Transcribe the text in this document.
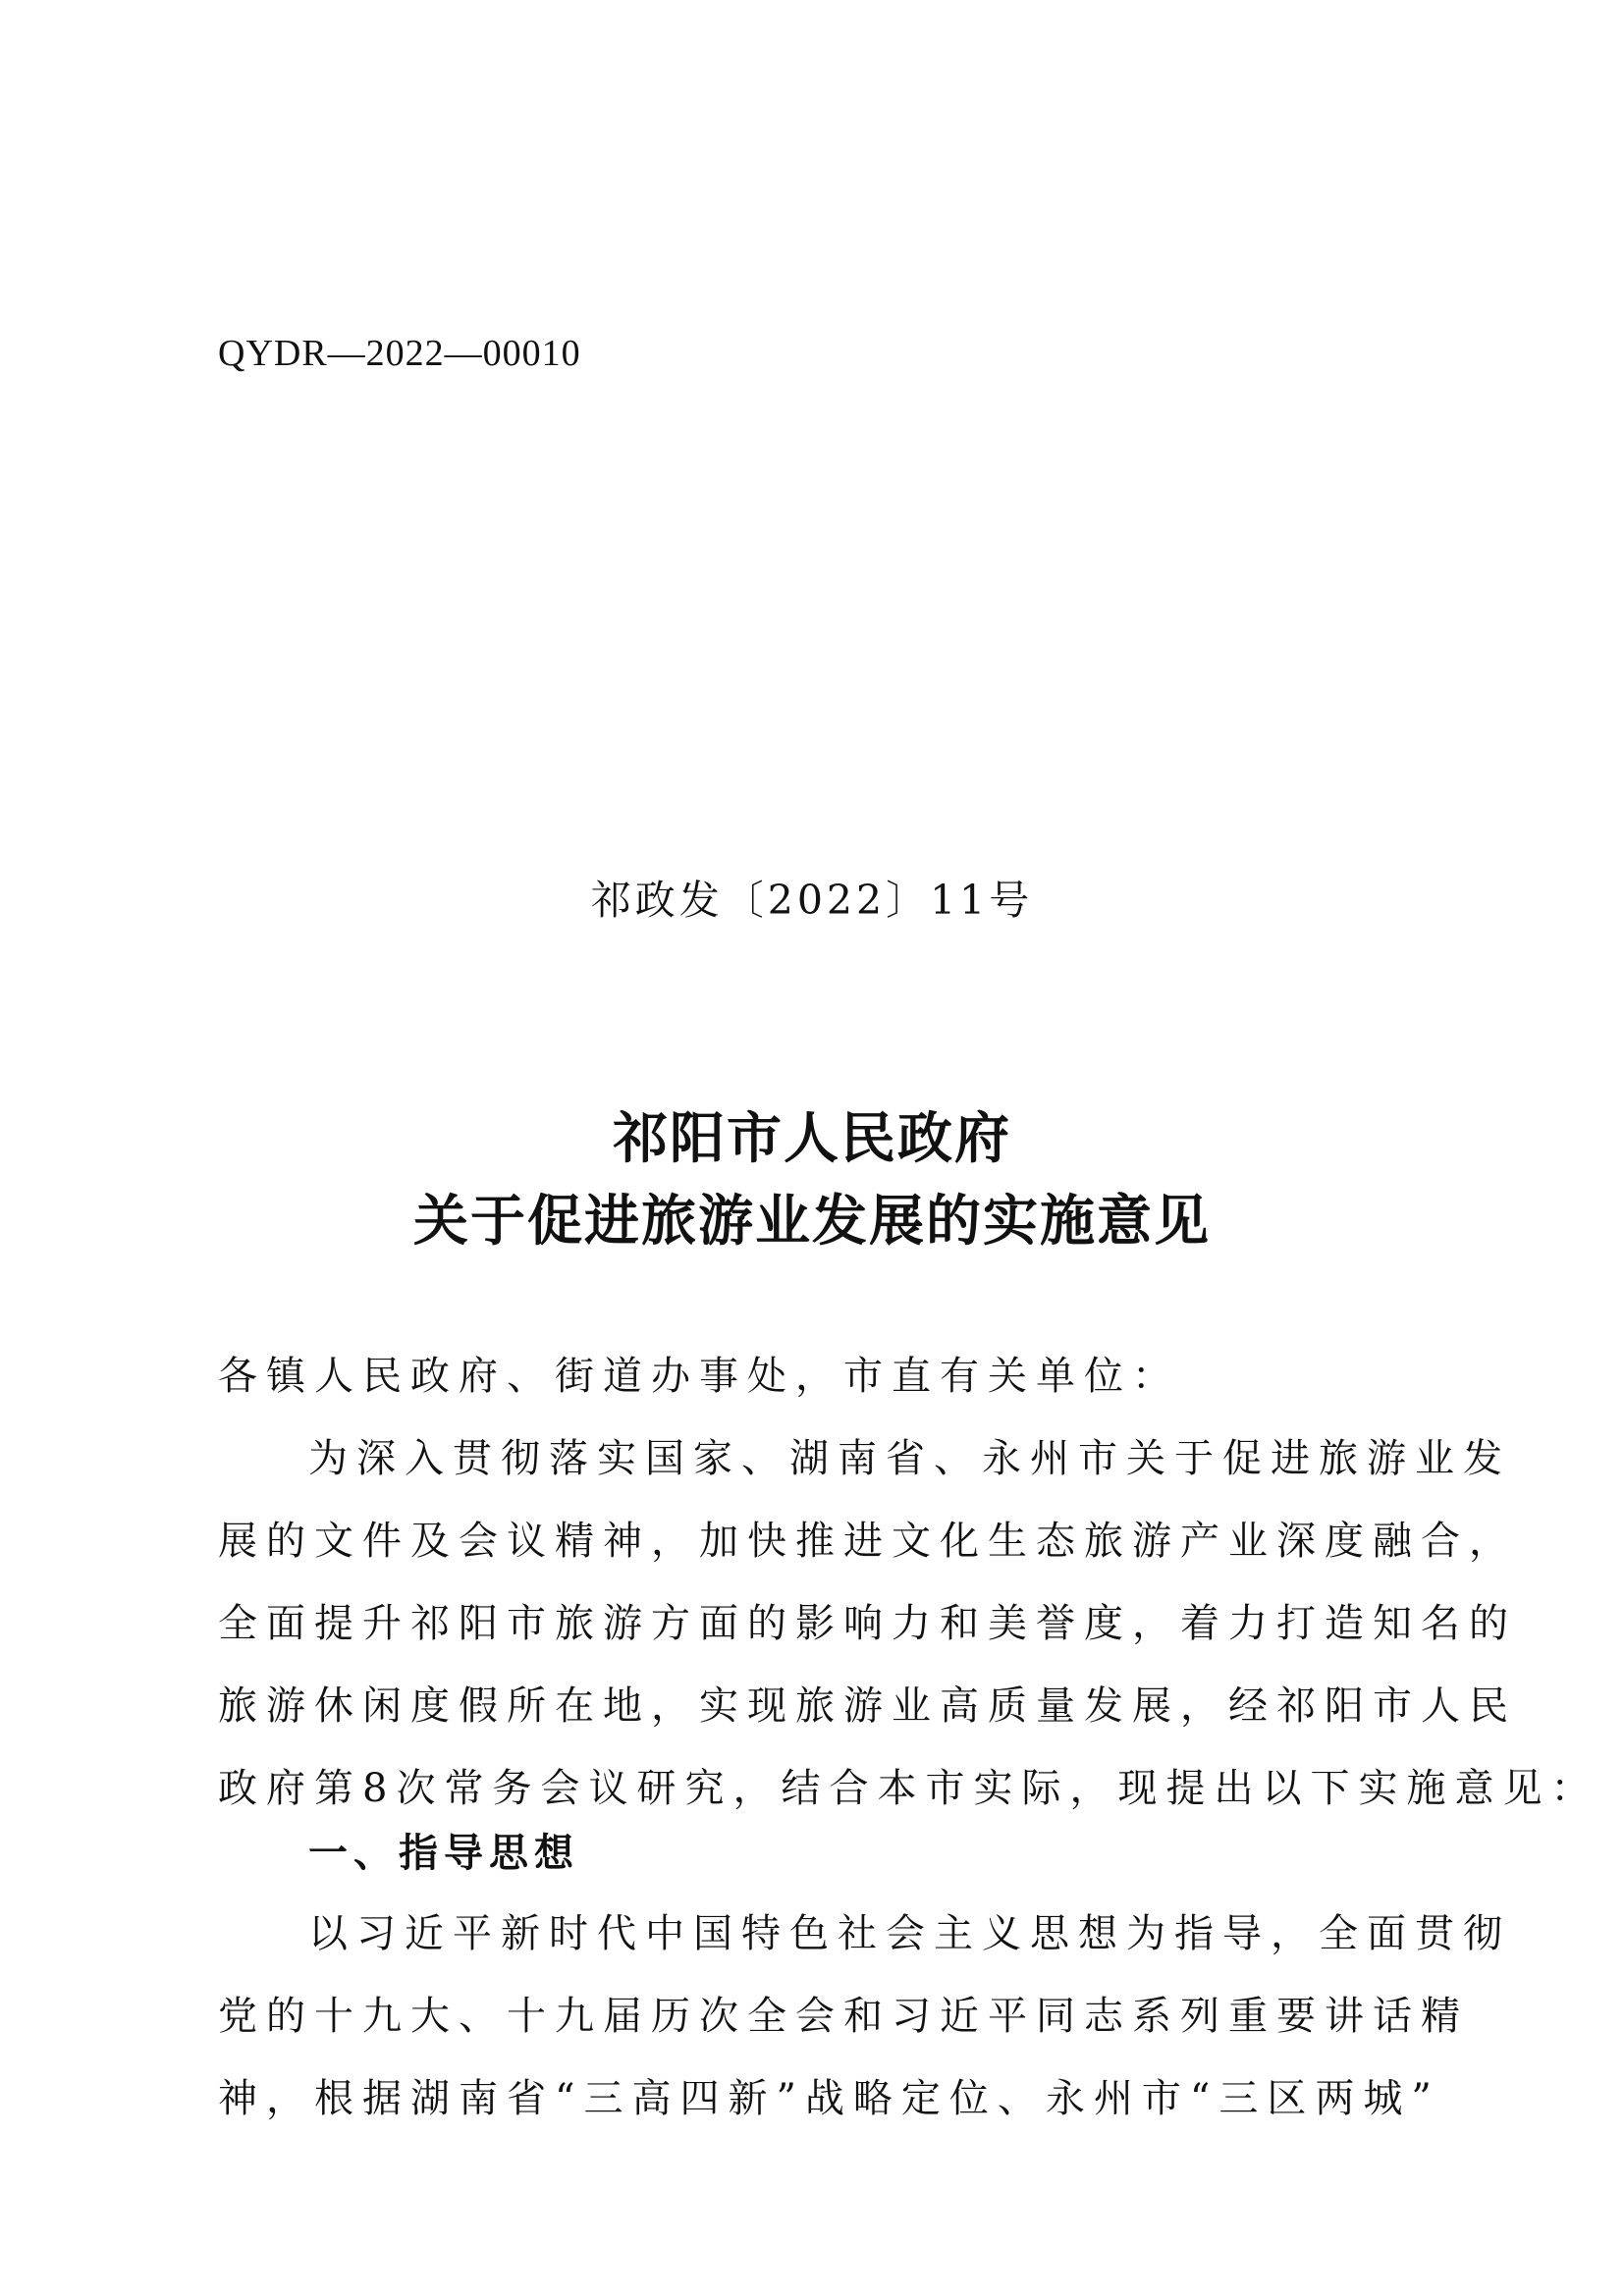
QYDR—2022—00010
祁政发〔2022〕11号
祁阳市人民政府
关于促进旅游业发展的实施意见
各镇人民政府、街道办事处，市直有关单位：
为深入贯彻落实国家、湖南省、永州市关于促进旅游业发
展的文件及会议精神，加快推进文化生态旅游产业深度融合，
全面提升祁阳市旅游方面的影响力和美誉度，着力打造知名的
旅游休闲度假所在地，实现旅游业高质量发展，经祁阳市人民
政府第8次常务会议研究，结合本市实际，现提出以下实施意见：
一、指导思想
以习近平新时代中国特色社会主义思想为指导，全面贯彻
党的十九大、十九届历次全会和习近平同志系列重要讲话精
神，根据湖南省“三高四新”战略定位、永州市“三区两城”
